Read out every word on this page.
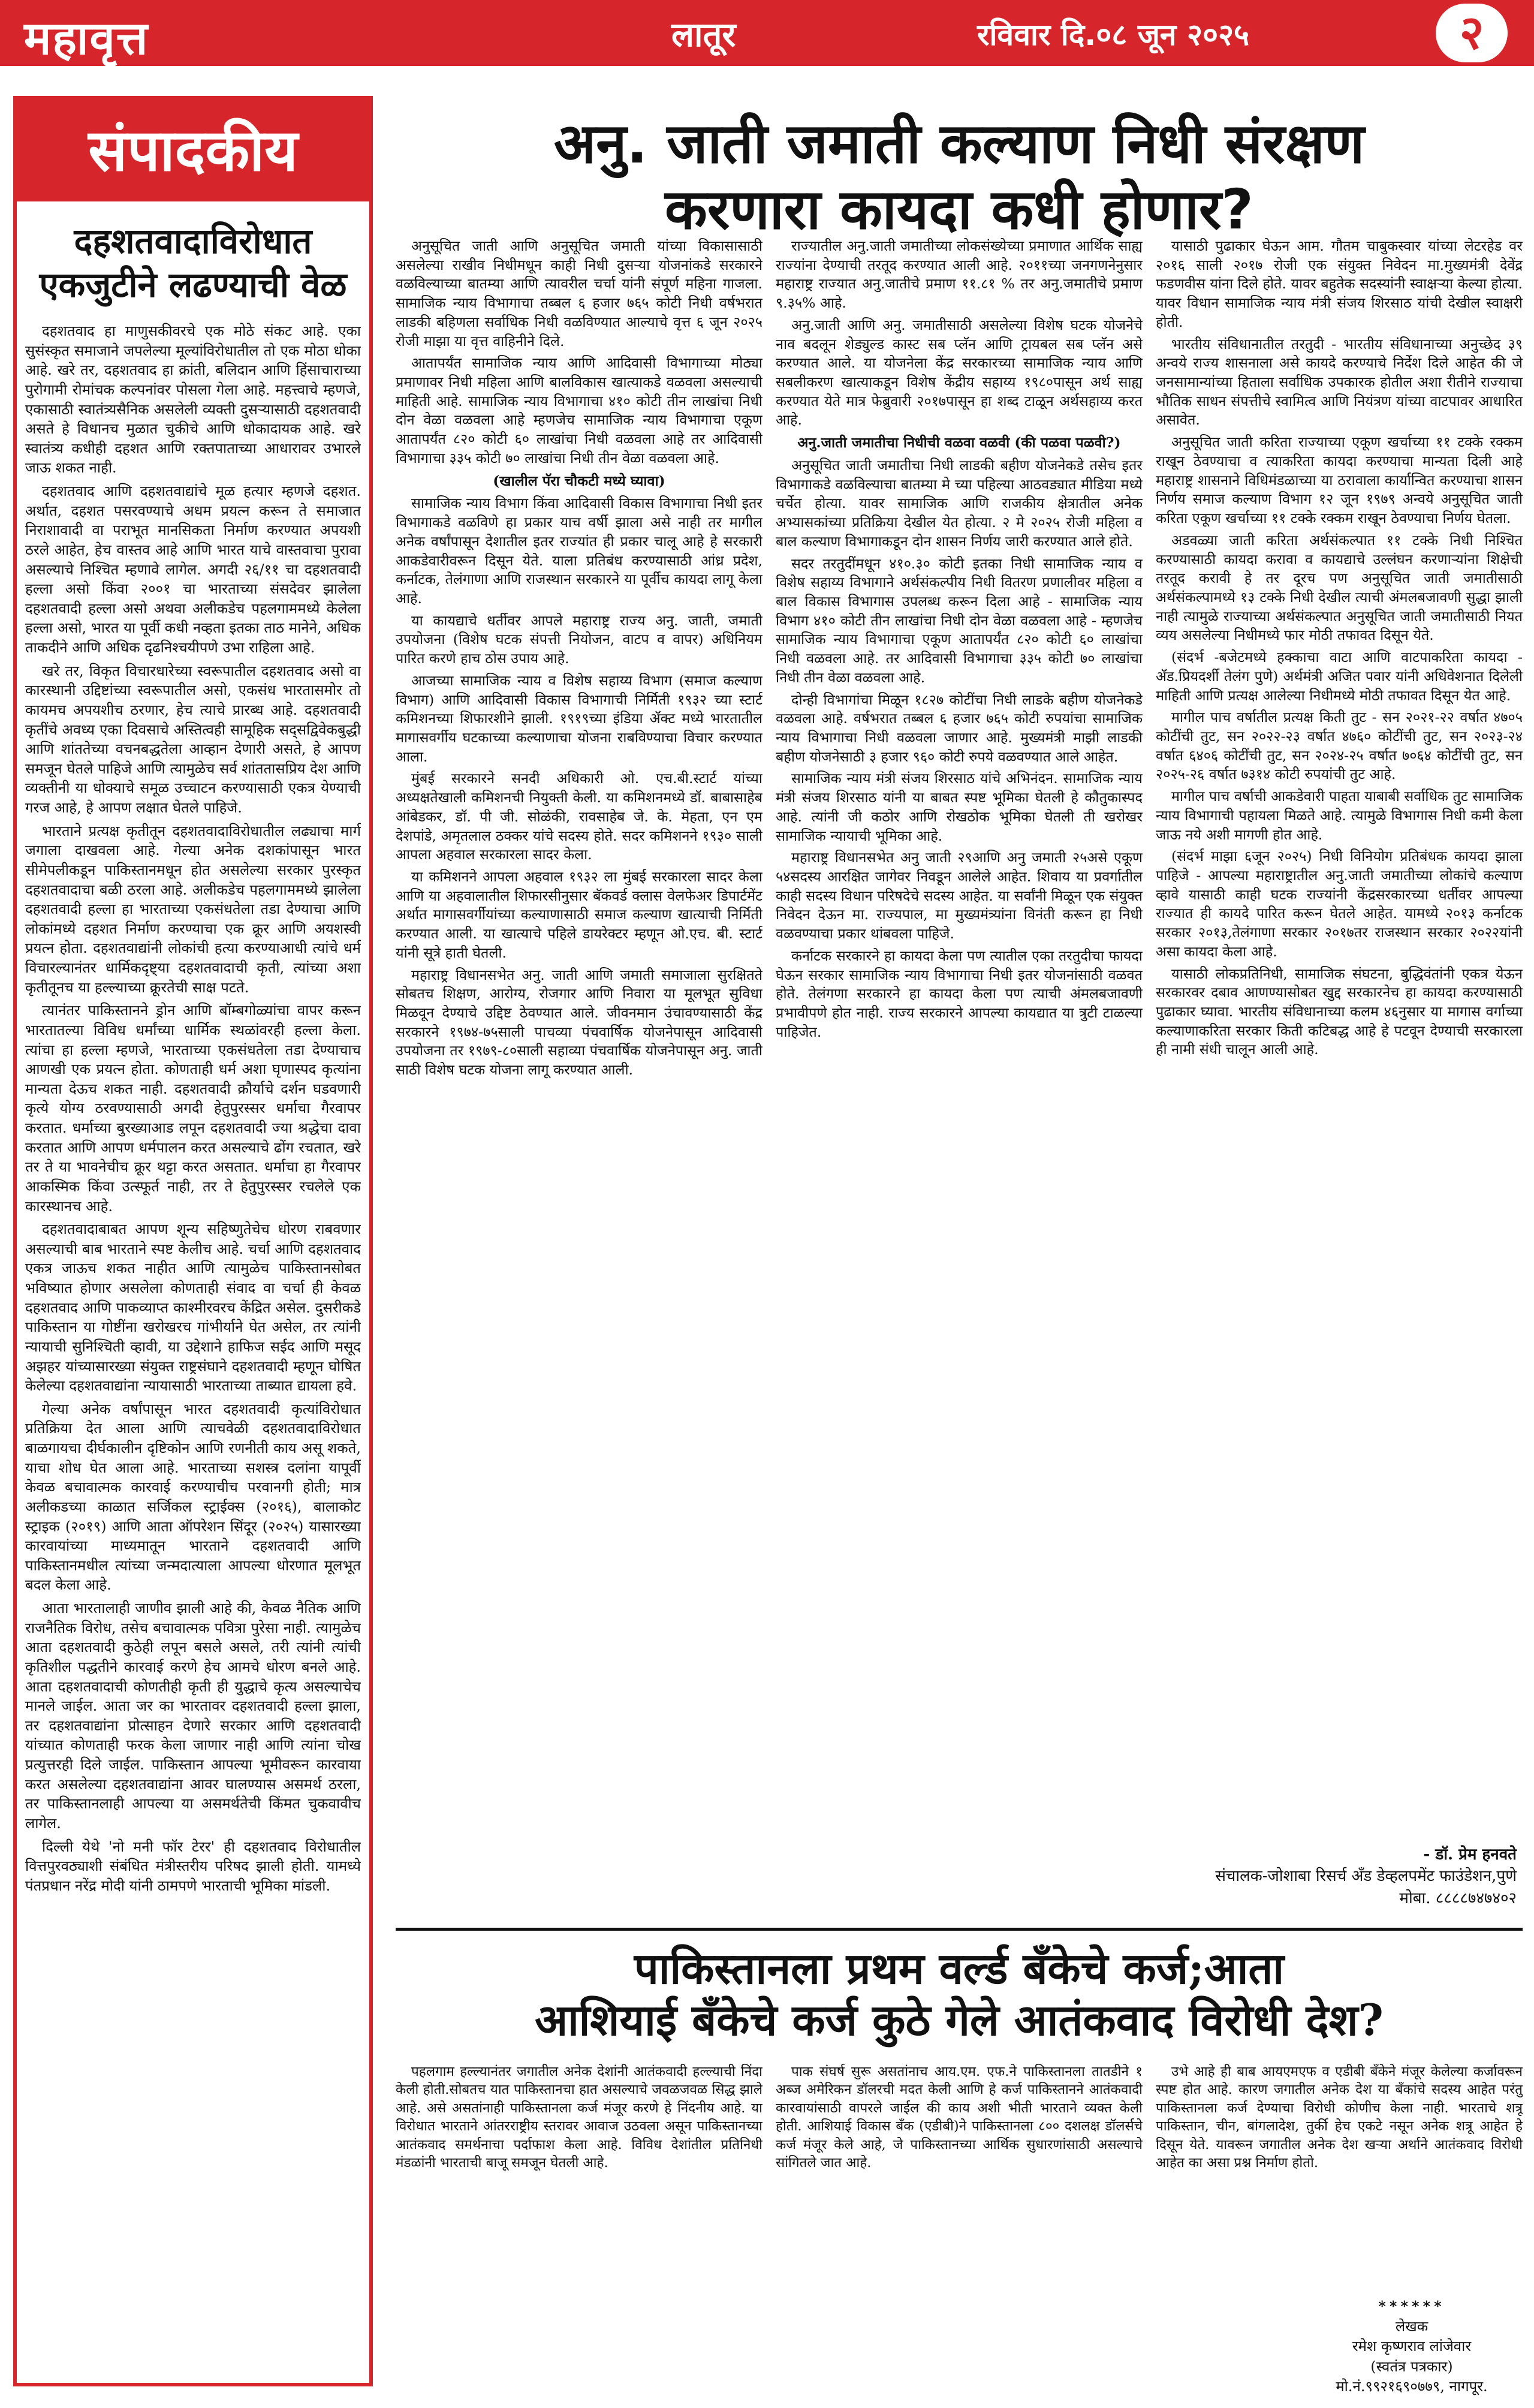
महावृत्त	लातूर	रविवार दि.०८ जून २०२५	२
संपादकीय
दहशतवादाविरोधात एकजुटीने लढण्याची वेळ

दहशतवाद हा माणुसकीवरचे एक मोठे संकट आहे. एका सुसंस्कृत समाजाने जपलेल्या मूल्यांविरोधातील तो एक मोठा धोका आहे. खरे तर, दहशतवाद हा क्रांती, बलिदान आणि हिंसाचाराच्या पुरोगामी रोमांचक कल्पनांवर पोसला गेला आहे. महत्त्वाचे म्हणजे, एकासाठी स्वातंत्र्यसैनिक असलेली व्यक्ती दुसऱ्यासाठी दहशतवादी असते हे विधानच मुळात चुकीचे आणि धोकादायक आहे. खरे स्वातंत्र्य कधीही दहशत आणि रक्तपाताच्या आधारावर उभारले जाऊ शकत नाही.

दहशतवाद आणि दहशतवाद्यांचे मूळ हत्यार म्हणजे दहशत. अर्थात, दहशत पसरवण्याचे अधम प्रयत्न करून ते समाजात निराशावादी वा पराभूत मानसिकता निर्माण करण्यात अपयशी ठरले आहेत, हेच वास्तव आहे आणि भारत याचे वास्तवाचा पुरावा असल्याचे निश्चित म्हणावे लागेल. अगदी २६/११ चा दहशतवादी हल्ला असो किंवा २००१ चा भारताच्या संसदेवर झालेला दहशतवादी हल्ला असो अथवा अलीकडेच पहलगाममध्ये केलेला हल्ला असो, भारत या पूर्वी कधी नव्हता इतका ताठ मानेने, अधिक ताकदीने आणि अधिक दृढनिश्चयीपणे उभा राहिला आहे.

खरे तर, विकृत विचारधारेच्या स्वरूपातील दहशतवाद असो वा कारस्थानी उद्दिष्टांच्या स्वरूपातील असो, एकसंध भारतासमोर तो कायमच अपयशीच ठरणार, हेच त्याचे प्रारब्ध आहे. दहशतवादी कृतींचे अवध्य एका दिवसाचे अस्तित्वही सामूहिक सद्सद्विवेकबुद्धी आणि शांततेच्या वचनबद्धतेला आव्हान देणारी असते, हे आपण समजून घेतले पाहिजे आणि त्यामुळेच सर्व शांततासप्रिय देश आणि व्यक्तीनी या धोक्याचे समूळ उच्चाटन करण्यासाठी एकत्र येण्याची गरज आहे, हे आपण लक्षात घेतले पाहिजे.

भारताने प्रत्यक्ष कृतीतून दहशतवादाविरोधातील लढ्याचा मार्ग जगाला दाखवला आहे. गेल्या अनेक दशकांपासून भारत सीमेपलीकडून पाकिस्तानमधून होत असलेल्या सरकार पुरस्कृत दहशतवादाचा बळी ठरला आहे. अलीकडेच पहलगाममध्ये झालेला दहशतवादी हल्ला हा भारताच्या एकसंधतेला तडा देण्याचा आणि लोकांमध्ये दहशत निर्माण करण्याचा एक क्रूर आणि अयशस्वी प्रयत्न होता. दहशतवाद्यांनी लोकांची हत्या करण्याआधी त्यांचे धर्म विचारल्यानंतर धार्मिकदृष्ट्या दहशतवादाची कृती, त्यांच्या अशा कृतीतूनच या हल्ल्याच्या क्रूरतेची साक्ष पटते.

त्यानंतर पाकिस्तानने ड्रोन आणि बॉम्बगोळ्यांचा वापर करून भारतातल्या विविध धर्मांच्या धार्मिक स्थळांवरही हल्ला केला. त्यांचा हा हल्ला म्हणजे, भारताच्या एकसंधतेला तडा देण्याचाच आणखी एक प्रयत्न होता. कोणताही धर्म अशा घृणास्पद कृत्यांना मान्यता देऊच शकत नाही. दहशतवादी क्रौर्याचे दर्शन घडवणारी कृत्ये योग्य ठरवण्यासाठी अगदी हेतुपुरस्सर धर्माचा गैरवापर करतात. धर्माच्या बुरख्याआड लपून दहशतवादी ज्या श्रद्धेचा दावा करतात आणि आपण धर्मपालन करत असल्याचे ढोंग रचतात, खरे तर ते या भावनेचीच क्रूर थट्टा करत असतात. धर्माचा हा गैरवापर आकस्मिक किंवा उत्स्फूर्त नाही, तर ते हेतुपुरस्सर रचलेले एक कारस्थानच आहे.

दहशतवादाबाबत आपण शून्य सहिष्णुतेचेच धोरण राबवणार असल्याची बाब भारताने स्पष्ट केलीच आहे. चर्चा आणि दहशतवाद एकत्र जाऊच शकत नाहीत आणि त्यामुळेच पाकिस्तानसोबत भविष्यात होणार असलेला कोणताही संवाद वा चर्चा ही केवळ दहशतवाद आणि पाकव्याप्त काश्मीरवरच केंद्रित असेल. दुसरीकडे पाकिस्तान या गोष्टींना खरोखरच गांभीर्याने घेत असेल, तर त्यांनी न्यायाची सुनिश्चिती व्हावी, या उद्देशाने हाफिज सईद आणि मसूद अझहर यांच्यासारख्या संयुक्त राष्ट्रसंघाने दहशतवादी म्हणून घोषित केलेल्या दहशतवाद्यांना न्यायासाठी भारताच्या ताब्यात द्यायला हवे.

गेल्या अनेक वर्षांपासून भारत दहशतवादी कृत्यांविरोधात प्रतिक्रिया देत आला आणि त्याचवेळी दहशतवादाविरोधात बाळगायचा दीर्घकालीन दृष्टिकोन आणि रणनीती काय असू शकते, याचा शोध घेत आला आहे. भारताच्या सशस्त्र दलांना यापूर्वी केवळ बचावात्मक कारवाई करण्याचीच परवानगी होती; मात्र अलीकडच्या काळात सर्जिकल स्ट्राईक्स (२०१६), बालाकोट स्ट्राइक (२०१९) आणि आता ऑपरेशन सिंदूर (२०२५) यासारख्या कारवायांच्या माध्यमातून भारताने दहशतवादी आणि पाकिस्तानमधील त्यांच्या जन्मदात्याला आपल्या धोरणात मूलभूत बदल केला आहे.

आता भारतालाही जाणीव झाली आहे की, केवळ नैतिक आणि राजनैतिक विरोध, तसेच बचावात्मक पवित्रा पुरेसा नाही. त्यामुळेच आता दहशतवादी कुठेही लपून बसले असले, तरी त्यांनी त्यांची कृतिशील पद्धतीने कारवाई करणे हेच आमचे धोरण बनले आहे. आता दहशतवादाची कोणतीही कृती ही युद्धाचे कृत्य असल्याचेच मानले जाईल. आता जर का भारतावर दहशतवादी हल्ला झाला, तर दहशतवाद्यांना प्रोत्साहन देणारे सरकार आणि दहशतवादी यांच्यात कोणताही फरक केला जाणार नाही आणि त्यांना चोख प्रत्युत्तरही दिले जाईल. पाकिस्तान आपल्या भूमीवरून कारवाया करत असलेल्या दहशतवाद्यांना आवर घालण्यास असमर्थ ठरला, तर पाकिस्तानलाही आपल्या या असमर्थतेची किंमत चुकवावीच लागेल.

दिल्ली येथे 'नो मनी फॉर टेरर' ही दहशतवाद विरोधातील वित्तपुरवठ्याशी संबंधित मंत्रीस्तरीय परिषद झाली होती. यामध्ये पंतप्रधान नरेंद्र मोदी यांनी ठामपणे भारताची भूमिका मांडली.

अनु. जाती जमाती कल्याण निधी संरक्षण
करणारा कायदा कधी होणार?

अनुसूचित जाती आणि अनुसूचित जमाती यांच्या विकासासाठी असलेल्या राखीव निधीमधून काही निधी दुसऱ्या योजनांकडे सरकारने वळविल्याच्या बातम्या आणि त्यावरील चर्चा यांनी संपूर्ण महिना गाजला. सामाजिक न्याय विभागाचा तब्बल ६ हजार ७६५ कोटी निधी वर्षभरात लाडकी बहिणला सर्वाधिक निधी वळविण्यात आल्याचे वृत्त ६ जून २०२५ रोजी माझा या वृत्त वाहिनीने दिले.

आतापर्यंत सामाजिक न्याय आणि आदिवासी विभागाच्या मोठ्या प्रमाणावर निधी महिला आणि बालविकास खात्याकडे वळवला असल्याची माहिती आहे. सामाजिक न्याय विभागाचा ४१० कोटी तीन लाखांचा निधी दोन वेळा वळवला आहे म्हणजेच सामाजिक न्याय विभागाचा एकूण आतापर्यंत ८२० कोटी ६० लाखांचा निधी वळवला आहे तर आदिवासी विभागाचा ३३५ कोटी ७० लाखांचा निधी तीन वेळा वळवला आहे.

(खालील पॅरा चौकटी मध्ये घ्यावा)

सामाजिक न्याय विभाग किंवा आदिवासी विकास विभागाचा निधी इतर विभागाकडे वळविणे हा प्रकार याच वर्षी झाला असे नाही तर मागील अनेक वर्षांपासून देशातील इतर राज्यांत ही प्रकार चालू आहे हे सरकारी आकडेवारीवरून दिसून येते. याला प्रतिबंध करण्यासाठी आंध्र प्रदेश, कर्नाटक, तेलंगाणा आणि राजस्थान सरकारने या पूर्वीच कायदा लागू केला आहे.

या कायद्याचे धर्तीवर आपले महाराष्ट्र राज्य अनु. जाती, जमाती उपयोजना (विशेष घटक संपत्ती नियोजन, वाटप व वापर) अधिनियम पारित करणे हाच ठोस उपाय आहे.

आजच्या सामाजिक न्याय व विशेष सहाय्य विभाग (समाज कल्याण विभाग) आणि आदिवासी विकास विभागाची निर्मिती १९३२ च्या स्टार्ट कमिशनच्या शिफारशीने झाली. १९१९च्या इंडिया ॲक्ट मध्ये भारतातील मागासवर्गीय घटकाच्या कल्याणाचा योजना राबविण्याचा विचार करण्यात आला.

मुंबई सरकारने सनदी अधिकारी ओ. एच.बी.स्टार्ट यांच्या अध्यक्षतेखाली कमिशनची नियुक्ती केली. या कमिशनमध्ये डॉ. बाबासाहेब आंबेडकर, डॉ. पी जी. सोळंकी, रावसाहेब जे. के. मेहता, एन एम देशपांडे, अमृतलाल ठक्कर यांचे सदस्य होते. सदर कमिशनने १९३० साली आपला अहवाल सरकारला सादर केला.

या कमिशनने आपला अहवाल १९३२ ला मुंबई सरकारला सादर केला आणि या अहवालातील शिफारसीनुसार बॅकवर्ड क्लास वेलफेअर डिपार्टमेंट अर्थात मागासवर्गीयांच्या कल्याणासाठी समाज कल्याण खात्याची निर्मिती करण्यात आली. या खात्याचे पहिले डायरेक्टर म्हणून ओ.एच. बी. स्टार्ट यांनी सूत्रे हाती घेतली.

महाराष्ट्र विधानसभेत अनु. जाती आणि जमाती समाजाला सुरक्षितते सोबतच शिक्षण, आरोग्य, रोजगार आणि निवारा या मूलभूत सुविधा मिळवून देण्याचे उद्दिष्ट ठेवण्यात आले. जीवनमान उंचावण्यासाठी केंद्र सरकारने १९७४-७५साली पाचव्या पंचवार्षिक योजनेपासून आदिवासी उपयोजना तर १९७९-८०साली सहाव्या पंचवार्षिक योजनेपासून अनु. जाती साठी विशेष घटक योजना लागू करण्यात आली.

राज्यातील अनु.जाती जमातीच्या लोकसंख्येच्या प्रमाणात आर्थिक साह्य राज्यांना देण्याची तरतूद करण्यात आली आहे. २०११च्या जनगणनेनुसार महाराष्ट्र राज्यात अनु.जातीचे प्रमाण ११.८१ % तर अनु.जमातीचे प्रमाण ९.३५% आहे.

अनु.जाती आणि अनु. जमातीसाठी असलेल्या विशेष घटक योजनेचे नाव बदलून शेड्युल्ड कास्ट सब प्लॅन आणि ट्रायबल सब प्लॅन असे करण्यात आले. या योजनेला केंद्र सरकारच्या सामाजिक न्याय आणि सबलीकरण खात्याकडून विशेष केंद्रीय सहाय्य १९८०पासून अर्थ साह्य करण्यात येते मात्र फेब्रुवारी २०१७पासून हा शब्द टाळून अर्थसहाय्य करत आहे.

अनु.जाती जमातीचा निधीची वळवा वळवी (की पळवा पळवी?)

अनुसूचित जाती जमातीचा निधी लाडकी बहीण योजनेकडे तसेच इतर विभागाकडे वळविल्याचा बातम्या मे च्या पहिल्या आठवड्यात मीडिया मध्ये चर्चेत होत्या. यावर सामाजिक आणि राजकीय क्षेत्रातील अनेक अभ्यासकांच्या प्रतिक्रिया देखील येत होत्या. २ मे २०२५ रोजी महिला व बाल कल्याण विभागाकडून दोन शासन निर्णय जारी करण्यात आले होते.

सदर तरतुदींमधून ४१०.३० कोटी इतका निधी सामाजिक न्याय व विशेष सहाय्य विभागाने अर्थसंकल्पीय निधी वितरण प्रणालीवर महिला व बाल विकास विभागास उपलब्ध करून दिला आहे - सामाजिक न्याय विभाग ४१० कोटी तीन लाखांचा निधी दोन वेळा वळवला आहे - म्हणजेच सामाजिक न्याय विभागाचा एकूण आतापर्यंत ८२० कोटी ६० लाखांचा निधी वळवला आहे. तर आदिवासी विभागाचा ३३५ कोटी ७० लाखांचा निधी तीन वेळा वळवला आहे.

दोन्ही विभागांचा मिळून १८२७ कोटींचा निधी लाडके बहीण योजनेकडे वळवला आहे. वर्षभरात तब्बल ६ हजार ७६५ कोटी रुपयांचा सामाजिक न्याय विभागाचा निधी वळवला जाणार आहे. मुख्यमंत्री माझी लाडकी बहीण योजनेसाठी ३ हजार ९६० कोटी रुपये वळवण्यात आले आहेत.

सामाजिक न्याय मंत्री संजय शिरसाठ यांचे अभिनंदन. सामाजिक न्याय मंत्री संजय शिरसाठ यांनी या बाबत स्पष्ट भूमिका घेतली हे कौतुकास्पद आहे. त्यांनी जी कठोर आणि रोखठोक भूमिका घेतली ती खरोखर सामाजिक न्यायाची भूमिका आहे.

महाराष्ट्र विधानसभेत अनु जाती २९आणि अनु जमाती २५असे एकूण ५४सदस्य आरक्षित जागेवर निवडून आलेले आहेत. शिवाय या प्रवर्गातील काही सदस्य विधान परिषदेचे सदस्य आहेत. या सर्वांनी मिळून एक संयुक्त निवेदन देऊन मा. राज्यपाल, मा मुख्यमंत्र्यांना विनंती करून हा निधी वळवण्याचा प्रकार थांबवला पाहिजे.

कर्नाटक सरकारने हा कायदा केला पण त्यातील एका तरतुदीचा फायदा घेऊन सरकार सामाजिक न्याय विभागाचा निधी इतर योजनांसाठी वळवत होते. तेलंगणा सरकारने हा कायदा केला पण त्याची अंमलबजावणी प्रभावीपणे होत नाही. राज्य सरकारने आपल्या कायद्यात या त्रुटी टाळल्या पाहिजेत.

यासाठी पुढाकार घेऊन आम. गौतम चाबुकस्वार यांच्या लेटरहेड वर २०१६ साली २०१७ रोजी एक संयुक्त निवेदन मा.मुख्यमंत्री देवेंद्र फडणवीस यांना दिले होते. यावर बहुतेक सदस्यांनी स्वाक्षऱ्या केल्या होत्या. यावर विधान सामाजिक न्याय मंत्री संजय शिरसाठ यांची देखील स्वाक्षरी होती.

भारतीय संविधानातील तरतुदी - भारतीय संविधानाच्या अनुच्छेद ३९ अन्वये राज्य शासनाला असे कायदे करण्याचे निर्देश दिले आहेत की जे जनसामान्यांच्या हिताला सर्वाधिक उपकारक होतील अशा रीतीने राज्याचा भौतिक साधन संपत्तीचे स्वामित्व आणि नियंत्रण यांच्या वाटपावर आधारित असावेत.

अनुसूचित जाती करिता राज्याच्या एकूण खर्चाच्या ११ टक्के रक्कम राखून ठेवण्याचा व त्याकरिता कायदा करण्याचा मान्यता दिली आहे महाराष्ट्र शासनाने विधिमंडळाच्या या ठरावाला कार्यान्वित करण्याचा शासन निर्णय समाज कल्याण विभाग १२ जून १९७९ अन्वये अनुसूचित जाती करिता एकूण खर्चाच्या ११ टक्के रक्कम राखून ठेवण्याचा निर्णय घेतला.

अडवळ्या जाती करिता अर्थसंकल्पात ११ टक्के निधी निश्चित करण्यासाठी कायदा करावा व कायद्याचे उल्लंघन करणाऱ्यांना शिक्षेची तरतूद करावी हे तर दूरच पण अनुसूचित जाती जमातीसाठी अर्थसंकल्पामध्ये १३ टक्के निधी देखील त्याची अंमलबजावणी सुद्धा झाली नाही त्यामुळे राज्याच्या अर्थसंकल्पात अनुसूचित जाती जमातीसाठी नियत व्यय असलेल्या निधीमध्ये फार मोठी तफावत दिसून येते.

(संदर्भ -बजेटमध्ये हक्काचा वाटा आणि वाटपाकरिता कायदा - ॲड.प्रियदर्शी तेलंग पुणे) अर्थमंत्री अजित पवार यांनी अधिवेशनात दिलेली माहिती आणि प्रत्यक्ष आलेल्या निधीमध्ये मोठी तफावत दिसून येत आहे.

मागील पाच वर्षातील प्रत्यक्ष किती तुट - सन २०२१-२२ वर्षात ४७०५ कोटींची तुट, सन २०२२-२३ वर्षात ४७६० कोटींची तुट, सन २०२३-२४ वर्षात ६४०६ कोटींची तुट, सन २०२४-२५ वर्षात ७०६४ कोटींची तुट, सन २०२५-२६ वर्षात ७३१४ कोटी रुपयांची तुट आहे.

मागील पाच वर्षाची आकडेवारी पाहता याबाबी सर्वाधिक तुट सामाजिक न्याय विभागाची पहायला मिळते आहे. त्यामुळे विभागास निधी कमी केला जाऊ नये अशी मागणी होत आहे.

(संदर्भ माझा ६जून २०२५) निधी विनियोग प्रतिबंधक कायदा झाला पाहिजे - आपल्या महाराष्ट्रातील अनु.जाती जमातीच्या लोकांचे कल्याण व्हावे यासाठी काही घटक राज्यांनी केंद्रसरकारच्या धर्तीवर आपल्या राज्यात ही कायदे पारित करून घेतले आहेत. यामध्ये २०१३ कर्नाटक सरकार २०१३,तेलंगाणा सरकार २०१७तर राजस्थान सरकार २०२२यांनी असा कायदा केला आहे.

यासाठी लोकप्रतिनिधी, सामाजिक संघटना, बुद्धिवंतांनी एकत्र येऊन सरकारवर दबाव आणण्यासोबत खुद्द सरकारनेच हा कायदा करण्यासाठी पुढाकार घ्यावा. भारतीय संविधानाच्या कलम ४६नुसार या मागास वर्गाच्या कल्याणाकरिता सरकार किती कटिबद्ध आहे हे पटवून देण्याची सरकारला ही नामी संधी चालून आली आहे.

- डॉ. प्रेम हनवते
संचालक-जोशाबा रिसर्च ॲंड डेव्हलपमेंट फाउंडेशन,पुणे
मोबा. ८८८८७४७४०२
पाकिस्तानला प्रथम वर्ल्ड बँकेचे कर्ज;आता
आशियाई बँकेचे कर्ज कुठे गेले आतंकवाद विरोधी देश?

पहलगाम हल्ल्यानंतर जगातील अनेक देशांनी आतंकवादी हल्ल्याची निंदा केली होती.सोबतच यात पाकिस्तानचा हात असल्याचे जवळजवळ सिद्ध झाले आहे. असे असतांनाही पाकिस्तानला कर्ज मंजूर करणे हे निंदनीय आहे. या विरोधात भारताने आंतरराष्ट्रीय स्तरावर आवाज उठवला असून पाकिस्तानच्या आतंकवाद समर्थनाचा पर्दाफाश केला आहे. विविध देशांतील प्रतिनिधी मंडळांनी भारताची बाजू समजून घेतली आहे.

पाक संघर्ष सुरू असतांनाच आय.एम. एफ.ने पाकिस्तानला तातडीने १ अब्ज अमेरिकन डॉलरची मदत केली आणि हे कर्ज पाकिस्तानने आतंकवादी कारवायांसाठी वापरले जाईल की काय अशी भीती भारताने व्यक्त केली होती. आशियाई विकास बँक (एडीबी)ने पाकिस्तानला ८०० दशलक्ष डॉलर्सचे कर्ज मंजूर केले आहे, जे पाकिस्तानच्या आर्थिक सुधारणांसाठी असल्याचे सांगितले जात आहे.

उभे आहे ही बाब आयएमएफ व एडीबी बँकेने मंजूर केलेल्या कर्जावरून स्पष्ट होत आहे. कारण जगातील अनेक देश या बँकांचे सदस्य आहेत परंतु पाकिस्तानला कर्ज देण्याचा विरोधी कोणीच केला नाही. भारताचे शत्रू पाकिस्तान, चीन, बांगलादेश, तुर्की हेच एकटे नसून अनेक शत्रू आहेत हे दिसून येते. यावरून जगातील अनेक देश खऱ्या अर्थाने आतंकवाद विरोधी आहेत का असा प्रश्न निर्माण होतो.

******
लेखक
रमेश कृष्णराव लांजेवार
(स्वतंत्र पत्रकार)
मो.नं.९९२१६९०७७९, नागपूर.
